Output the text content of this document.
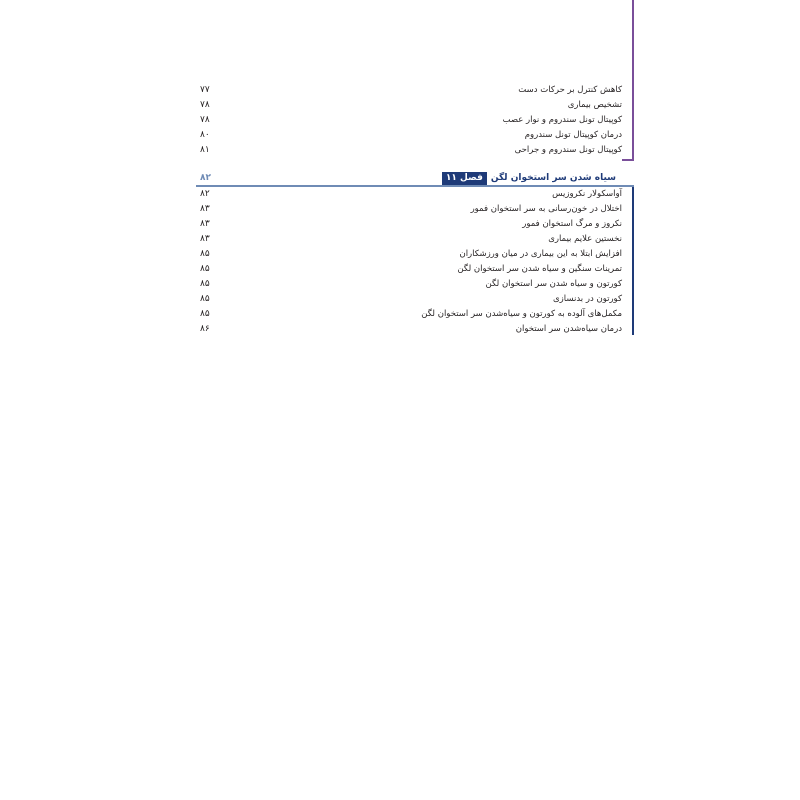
کاهش کنترل بر حرکات دست
۷۷
تشخیص بیماری
۷۸
کوپیتال تونل سندروم و نوار عصب
۷۸
درمان کوپیتال تونل سندروم
۸۰
کوپیتال تونل سندروم و جراحی
۸۱
فصل ۱۱ سیاه شدن سر استخوان لگن
۸۲
آواسکولار نکروزیس
۸۲
اختلال در خون‌رسانی به سر استخوان فمور
۸۳
نکروز و مرگ استخوان فمور
۸۳
نخستین علایم بیماری
۸۳
افزایش ابتلا به این بیماری در میان ورزشکاران
۸۵
تمرینات سنگین و سیاه شدن سر استخوان لگن
۸۵
کورتون و سیاه شدن سر استخوان لگن
۸۵
کورتون در بدنسازی
۸۵
مکمل‌های آلوده به کورتون و سیاه‌شدن سر استخوان لگن
۸۵
درمان سیاه‌شدن سر استخوان
۸۶
